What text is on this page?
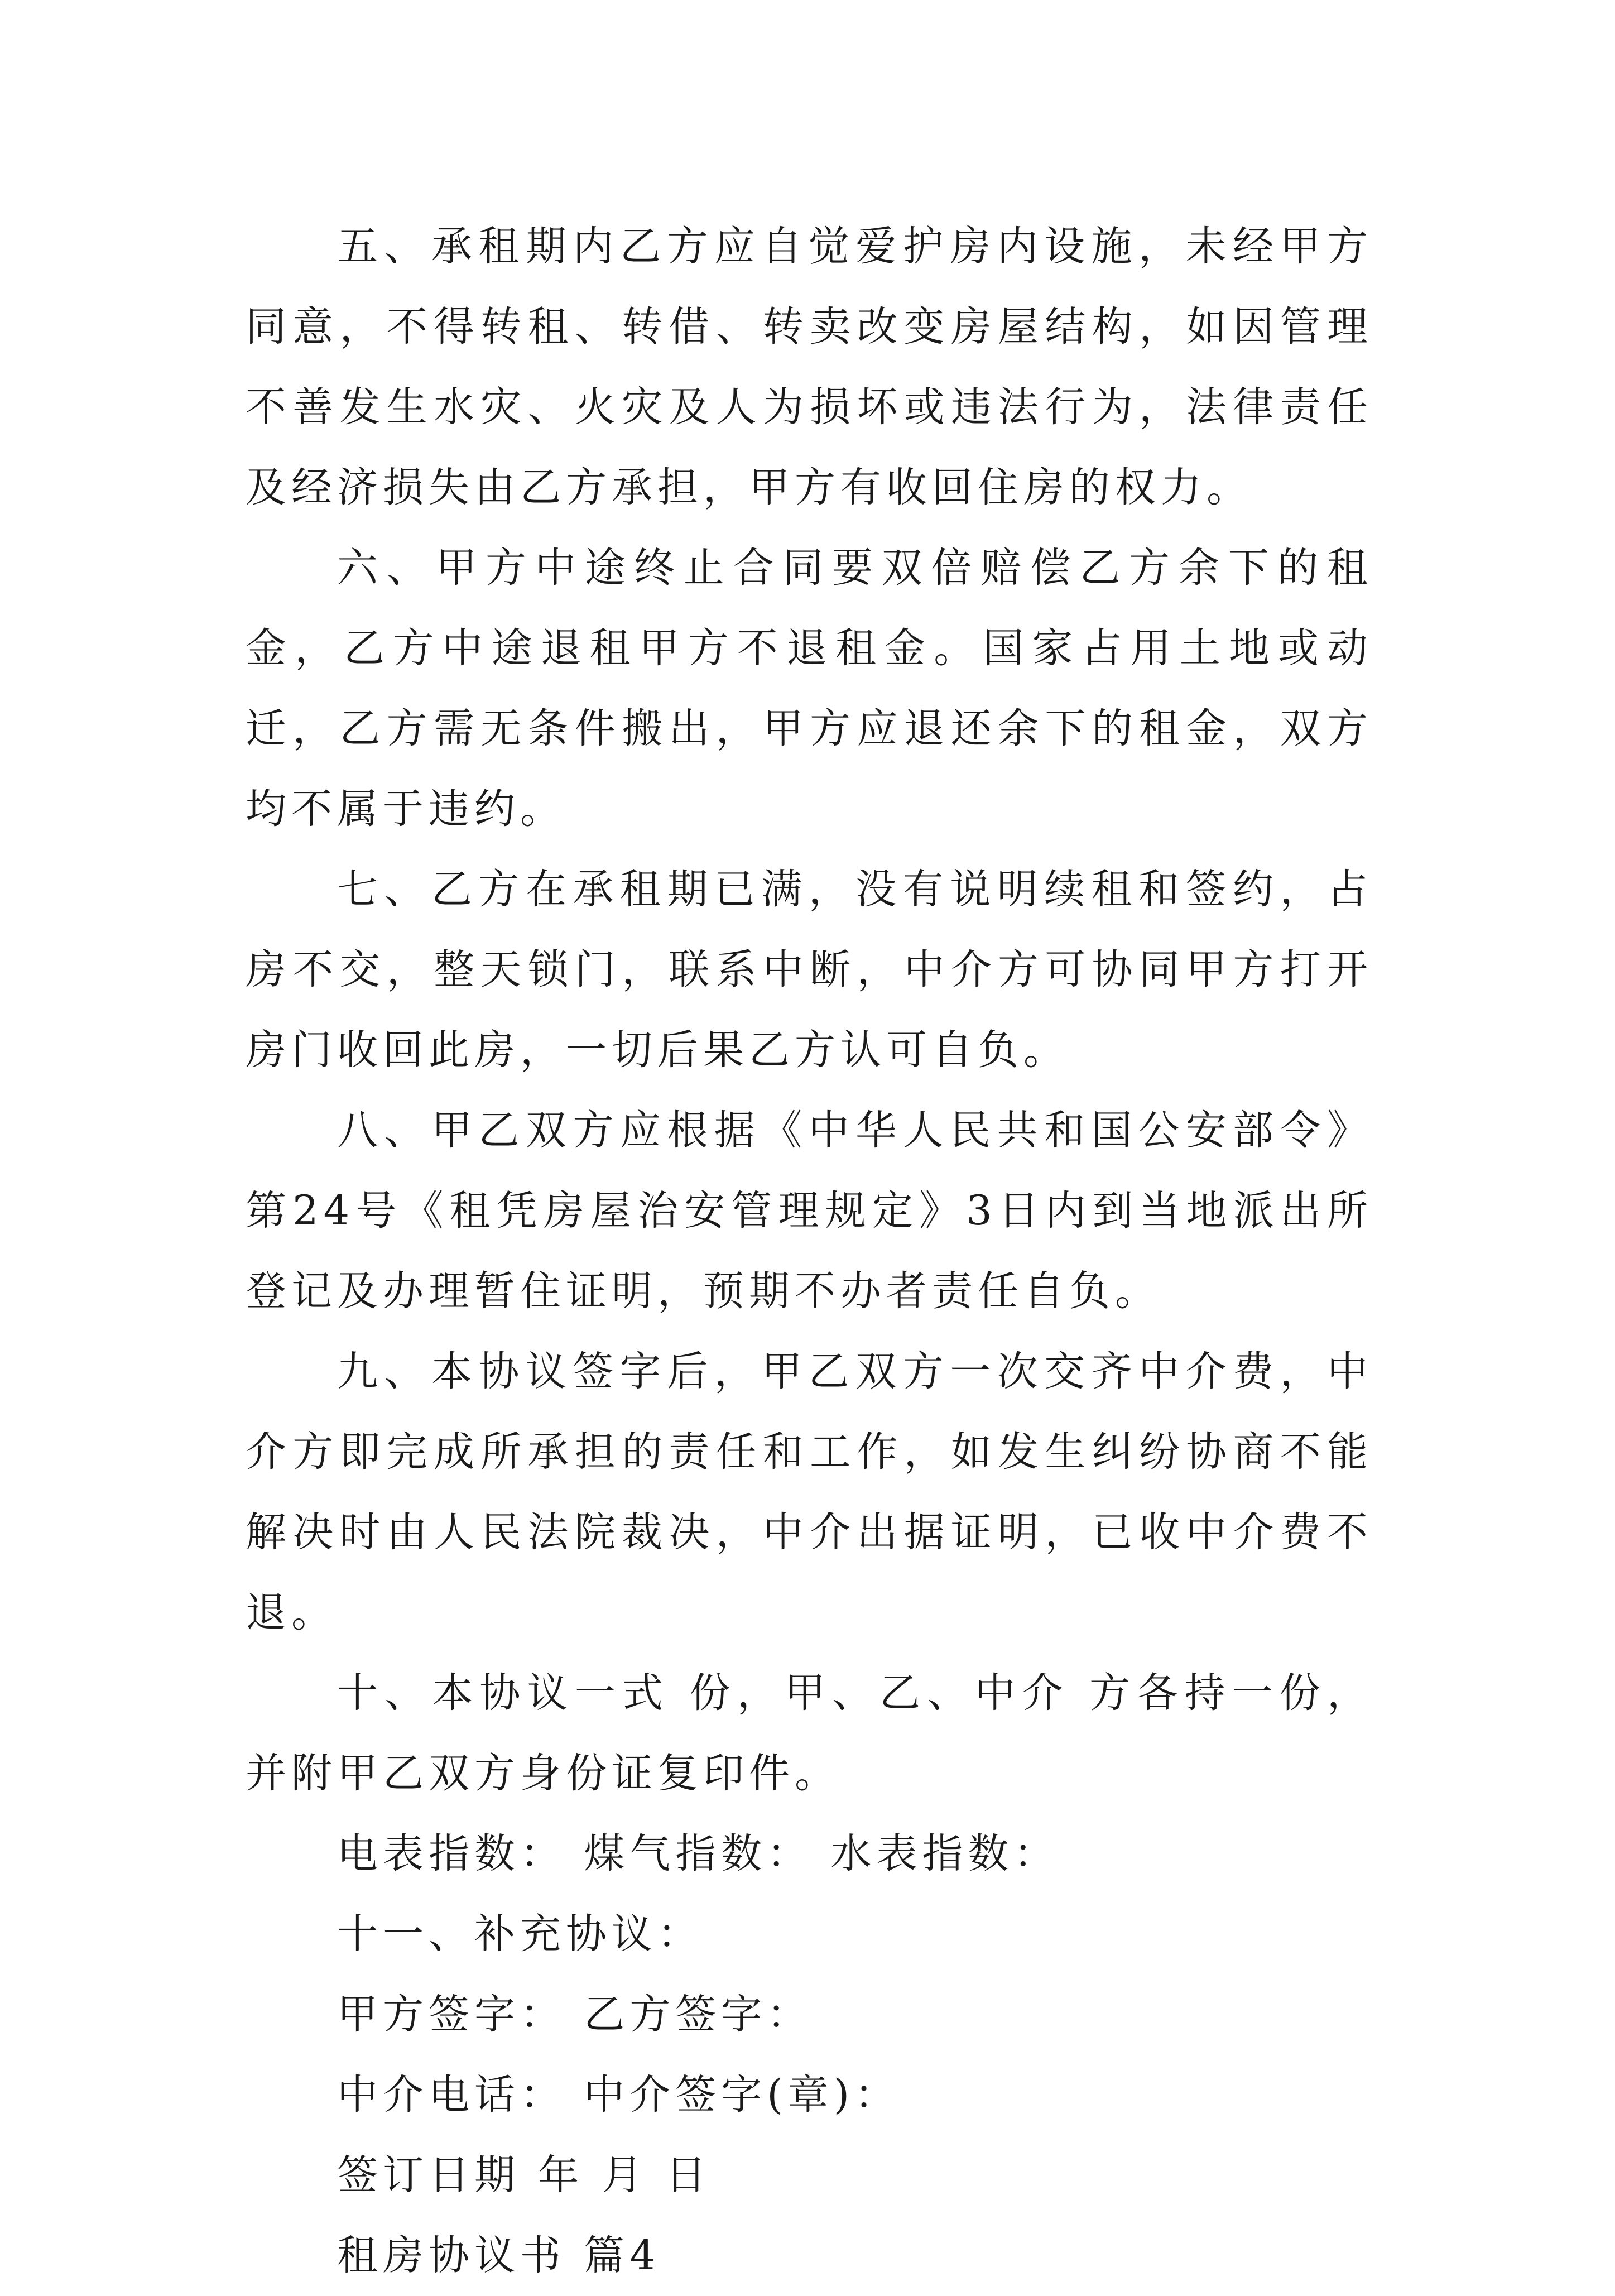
五、承租期内乙方应自觉爱护房内设施，未经甲方同意，不得转租、转借、转卖改变房屋结构，如因管理不善发生水灾、火灾及人为损坏或违法行为，法律责任及经济损失由乙方承担，甲方有收回住房的权力。

六、甲方中途终止合同要双倍赔偿乙方余下的租金，乙方中途退租甲方不退租金。国家占用土地或动迁，乙方需无条件搬出，甲方应退还余下的租金，双方均不属于违约。

七、乙方在承租期已满，没有说明续租和签约，占房不交，整天锁门，联系中断，中介方可协同甲方打开房门收回此房，一切后果乙方认可自负。

八、甲乙双方应根据《中华人民共和国公安部令》第24号《租凭房屋治安管理规定》3日内到当地派出所登记及办理暂住证明，预期不办者责任自负。

九、本协议签字后，甲乙双方一次交齐中介费，中介方即完成所承担的责任和工作，如发生纠纷协商不能解决时由人民法院裁决，中介出据证明，已收中介费不退。

十、本协议一式 份，甲、乙、中介 方各持一份，并附甲乙双方身份证复印件。

电表指数： 煤气指数： 水表指数：

十一、补充协议：

甲方签字： 乙方签字：

中介电话： 中介签字(章)：

签订日期 年 月 日

租房协议书 篇4
